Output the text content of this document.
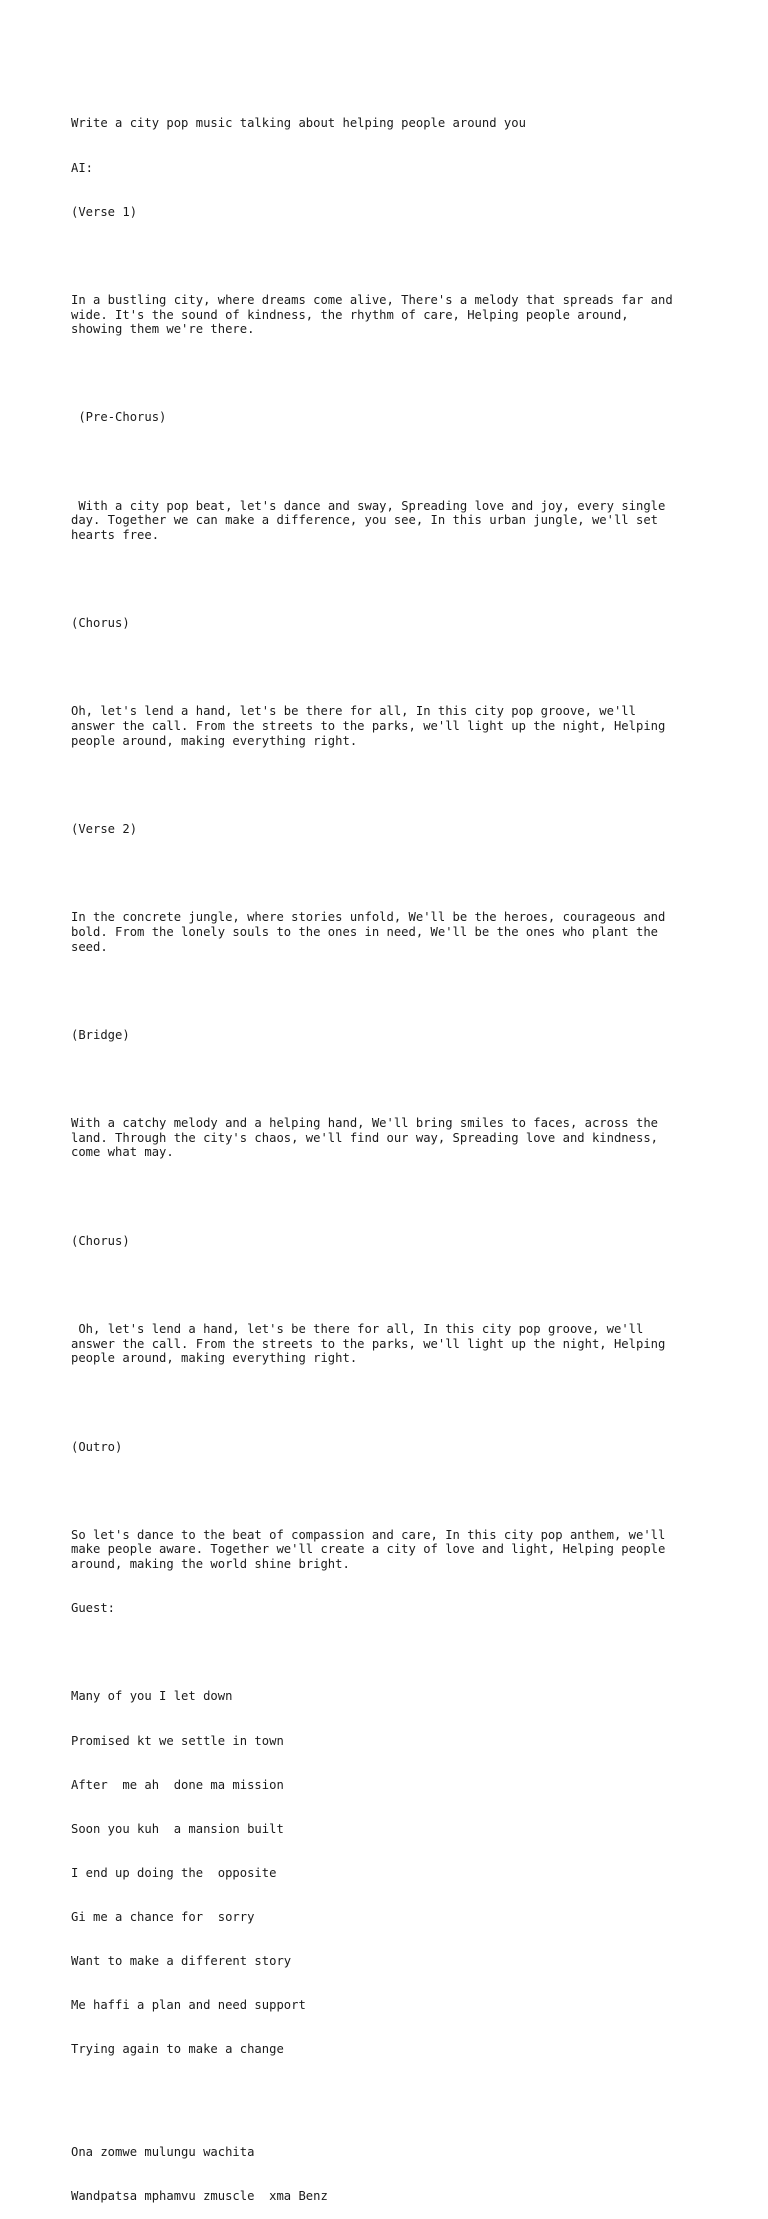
Write a city pop music talking about helping people around you

AI:

(Verse 1)

In a bustling city, where dreams come alive, There's a melody that spreads far and
wide. It's the sound of kindness, the rhythm of care, Helping people around,
showing them we're there.

(Pre-Chorus)

With a city pop beat, let's dance and sway, Spreading love and joy, every single
day. Together we can make a difference, you see, In this urban jungle, we'll set
hearts free.

(Chorus)

Oh, let's lend a hand, let's be there for all, In this city pop groove, we'll
answer the call. From the streets to the parks, we'll light up the night, Helping
people around, making everything right.

(Verse 2)

In the concrete jungle, where stories unfold, We'll be the heroes, courageous and
bold. From the lonely souls to the ones in need, We'll be the ones who plant the
seed.

(Bridge)

With a catchy melody and a helping hand, We'll bring smiles to faces, across the
land. Through the city's chaos, we'll find our way, Spreading love and kindness,
come what may.

(Chorus)

Oh, let's lend a hand, let's be there for all, In this city pop groove, we'll
answer the call. From the streets to the parks, we'll light up the night, Helping
people around, making everything right.

(Outro)

So let's dance to the beat of compassion and care, In this city pop anthem, we'll
make people aware. Together we'll create a city of love and light, Helping people
around, making the world shine bright.

Guest:

Many of you I let down

Promised kt we settle in town

After  me ah  done ma mission

Soon you kuh  a mansion built

I end up doing the  opposite

Gi me a chance for  sorry

Want to make a different story

Me haffi a plan and need support

Trying again to make a change

Ona zomwe mulungu wachita

Wandpatsa mphamvu zmuscle  xma Benz
